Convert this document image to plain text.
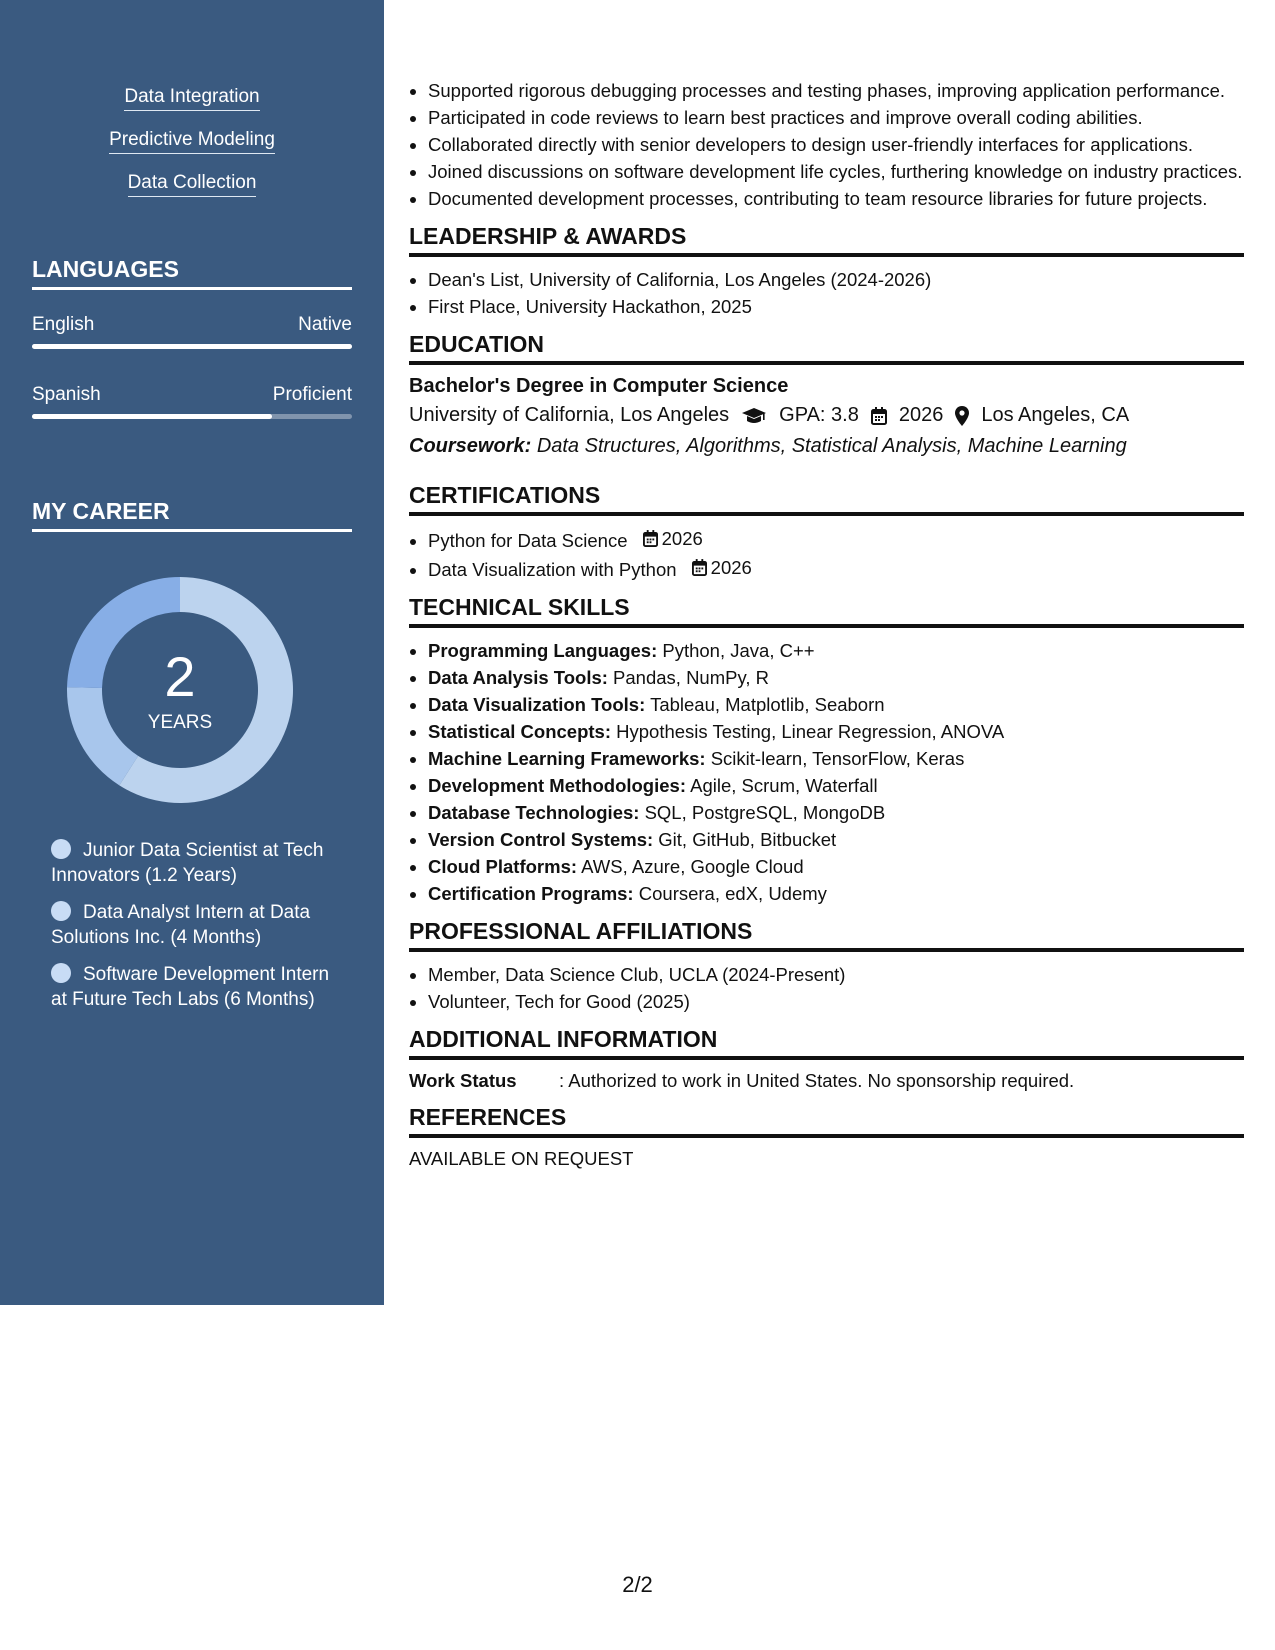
Data Integration
Predictive Modeling
Data Collection
LANGUAGES
English	Native
Spanish	Proficient
MY CAREER
2
YEARS
Junior Data Scientist at Tech Innovators (1.2 Years)
Data Analyst Intern at Data Solutions Inc. (4 Months)
Software Development Intern at Future Tech Labs (6 Months)
• Supported rigorous debugging processes and testing phases, improving application performance.
• Participated in code reviews to learn best practices and improve overall coding abilities.
• Collaborated directly with senior developers to design user-friendly interfaces for applications.
• Joined discussions on software development life cycles, furthering knowledge on industry practices.
• Documented development processes, contributing to team resource libraries for future projects.
LEADERSHIP & AWARDS
• Dean's List, University of California, Los Angeles (2024-2026)
• First Place, University Hackathon, 2025
EDUCATION
Bachelor's Degree in Computer Science
University of California, Los Angeles	GPA: 3.8 2026 Los Angeles, CA
Coursework: Data Structures, Algorithms, Statistical Analysis, Machine Learning
CERTIFICATIONS
• Python for Data Science 2026
• Data Visualization with Python 2026
TECHNICAL SKILLS
• Programming Languages: Python, Java, C++
• Data Analysis Tools: Pandas, NumPy, R
• Data Visualization Tools: Tableau, Matplotlib, Seaborn
• Statistical Concepts: Hypothesis Testing, Linear Regression, ANOVA
• Machine Learning Frameworks: Scikit-learn, TensorFlow, Keras
• Development Methodologies: Agile, Scrum, Waterfall
• Database Technologies: SQL, PostgreSQL, MongoDB
• Version Control Systems: Git, GitHub, Bitbucket
• Cloud Platforms: AWS, Azure, Google Cloud
• Certification Programs: Coursera, edX, Udemy
PROFESSIONAL AFFILIATIONS
• Member, Data Science Club, UCLA (2024-Present)
• Volunteer, Tech for Good (2025)
ADDITIONAL INFORMATION
Work Status	: Authorized to work in United States. No sponsorship required.
REFERENCES
AVAILABLE ON REQUEST
2/2
